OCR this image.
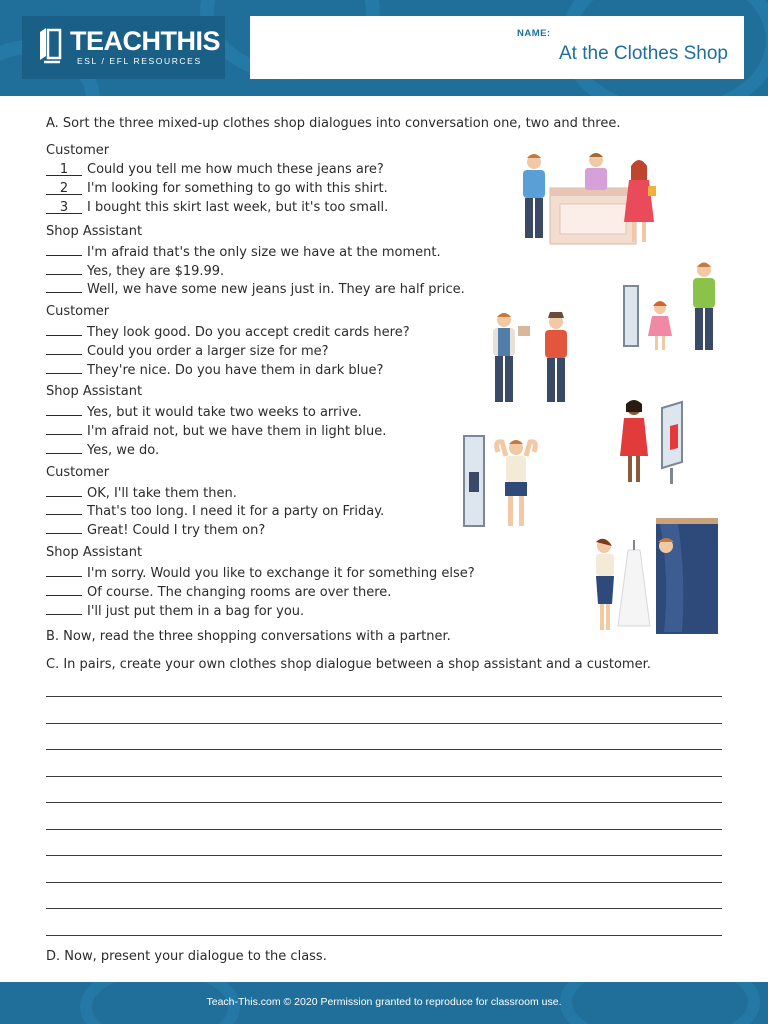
TEACHTHIS
ESL / EFL RESOURCES
NAME:
At the Clothes Shop
A. Sort the three mixed-up clothes shop dialogues into conversation one, two and three.
Customer
1 Could you tell me how much these jeans are?
2 I'm looking for something to go with this shirt.
3 I bought this skirt last week, but it's too small.
Shop Assistant
I'm afraid that's the only size we have at the moment.
Yes, they are $19.99.
Well, we have some new jeans just in. They are half price.
Customer
They look good. Do you accept credit cards here?
Could you order a larger size for me?
They're nice. Do you have them in dark blue?
Shop Assistant
Yes, but it would take two weeks to arrive.
I'm afraid not, but we have them in light blue.
Yes, we do.
Customer
OK, I'll take them then.
That's too long. I need it for a party on Friday.
Great! Could I try them on?
Shop Assistant
I'm sorry. Would you like to exchange it for something else?
Of course. The changing rooms are over there.
I'll just put them in a bag for you.
B. Now, read the three shopping conversations with a partner.
C. In pairs, create your own clothes shop dialogue between a shop assistant and a customer.
D. Now, present your dialogue to the class.
Teach-This.com © 2020 Permission granted to reproduce for classroom use.
